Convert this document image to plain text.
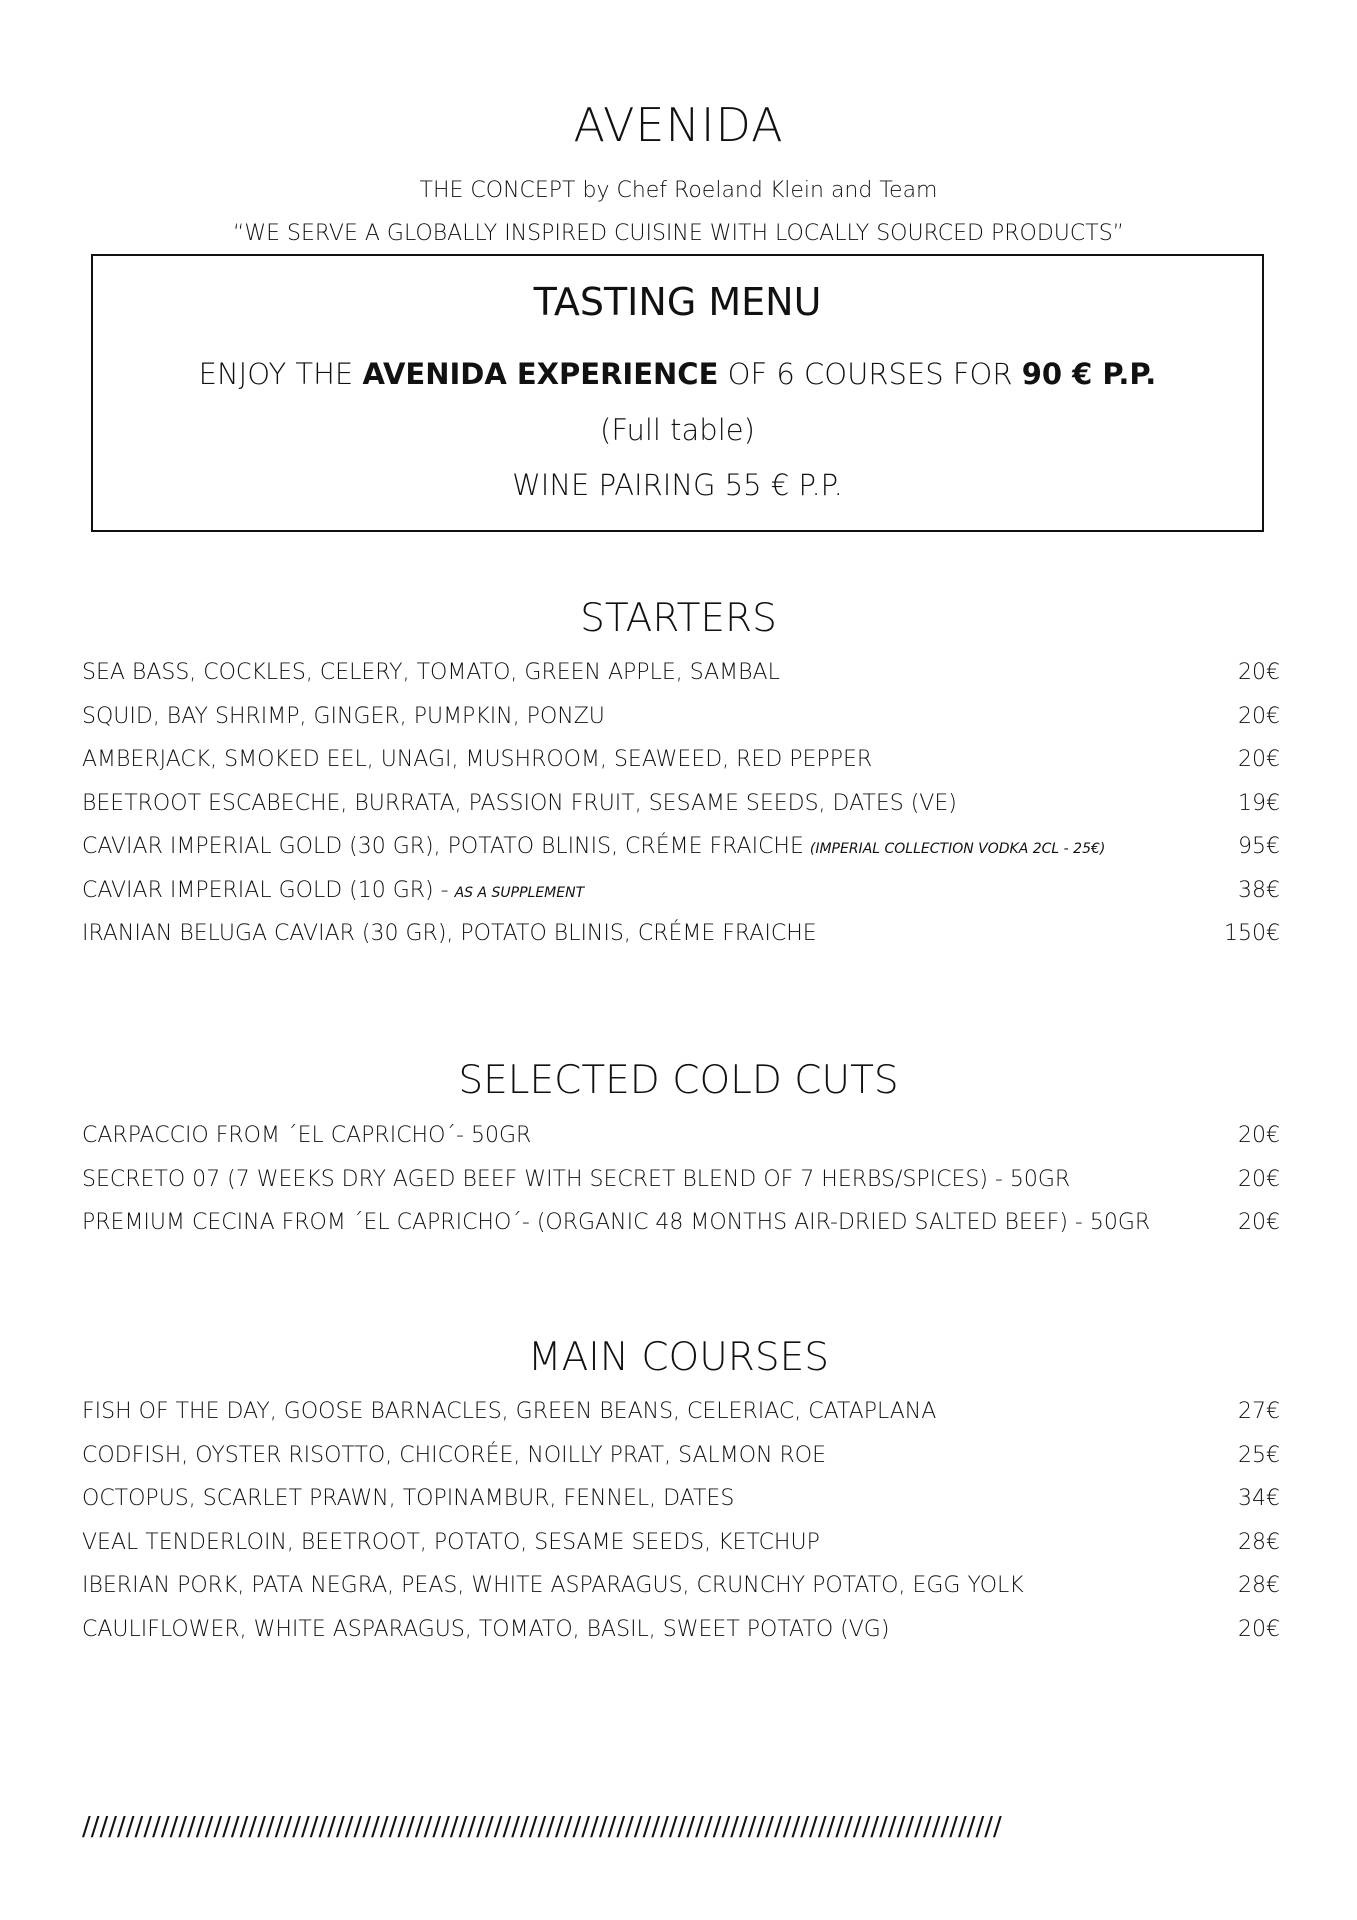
AVENIDA
THE CONCEPT by Chef Roeland Klein and Team
“WE SERVE A GLOBALLY INSPIRED CUISINE WITH LOCALLY SOURCED PRODUCTS”
TASTING MENU
ENJOY THE AVENIDA EXPERIENCE OF 6 COURSES FOR 90 € P.P.
(Full table)
WINE PAIRING 55 € P.P.
STARTERS
SEA BASS, COCKLES, CELERY, TOMATO, GREEN APPLE, SAMBAL	20€
SQUID, BAY SHRIMP, GINGER, PUMPKIN, PONZU	20€
AMBERJACK, SMOKED EEL, UNAGI, MUSHROOM, SEAWEED, RED PEPPER	20€
BEETROOT ESCABECHE, BURRATA, PASSION FRUIT, SESAME SEEDS, DATES (VE)	19€
CAVIAR IMPERIAL GOLD (30 GR), POTATO BLINIS, CRÉME FRAICHE (IMPERIAL COLLECTION VODKA 2CL - 25€)	95€
CAVIAR IMPERIAL GOLD (10 GR) - AS A SUPPLEMENT	38€
IRANIAN BELUGA CAVIAR (30 GR), POTATO BLINIS, CRÉME FRAICHE	150€
SELECTED COLD CUTS
CARPACCIO FROM ´EL CAPRICHO´- 50GR	20€
SECRETO 07 (7 WEEKS DRY AGED BEEF WITH SECRET BLEND OF 7 HERBS/SPICES) - 50GR	20€
PREMIUM CECINA FROM ´EL CAPRICHO´- (ORGANIC 48 MONTHS AIR-DRIED SALTED BEEF) - 50GR	20€
MAIN COURSES
FISH OF THE DAY, GOOSE BARNACLES, GREEN BEANS, CELERIAC, CATAPLANA	27€
CODFISH, OYSTER RISOTTO, CHICORÉE, NOILLY PRAT, SALMON ROE	25€
OCTOPUS, SCARLET PRAWN, TOPINAMBUR, FENNEL, DATES	34€
VEAL TENDERLOIN, BEETROOT, POTATO, SESAME SEEDS, KETCHUP	28€
IBERIAN PORK, PATA NEGRA, PEAS, WHITE ASPARAGUS, CRUNCHY POTATO, EGG YOLK	28€
CAULIFLOWER, WHITE ASPARAGUS, TOMATO, BASIL, SWEET POTATO (VG)	20€
/////////////////////////////////////////////////////////////////////////////////////////////////////////
